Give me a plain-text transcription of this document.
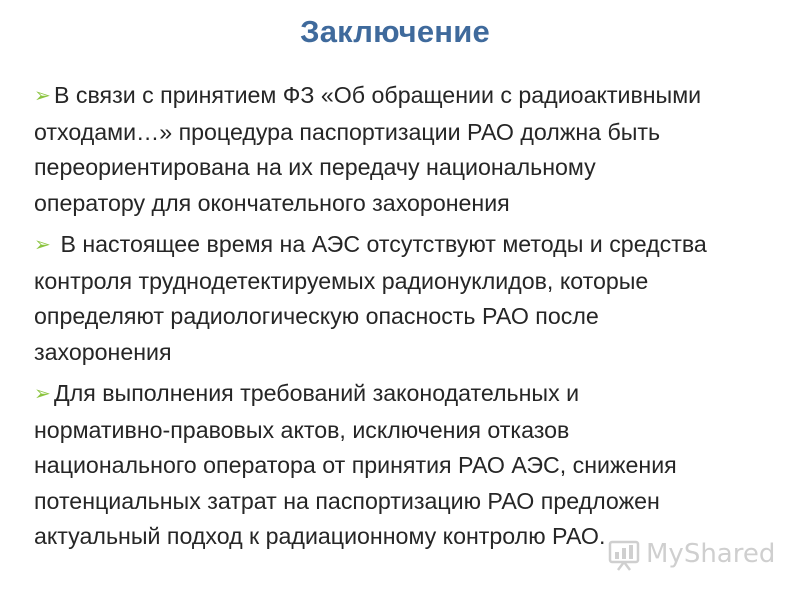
Заключение
➢ В связи с принятием ФЗ «Об обращении с радиоактивными
отходами…» процедура паспортизации РАО должна быть
переориентирована на их передачу национальному
оператору для окончательного захоронения
➢ В настоящее время на АЭС отсутствуют методы и средства
контроля труднодетектируемых радионуклидов, которые
определяют радиологическую опасность РАО после
захоронения
➢ Для выполнения требований законодательных и
нормативно-правовых актов, исключения отказов
национального оператора от принятия РАО АЭС, снижения
потенциальных затрат на паспортизацию РАО предложен
актуальный подход к радиационному контролю РАО.
MyShared
